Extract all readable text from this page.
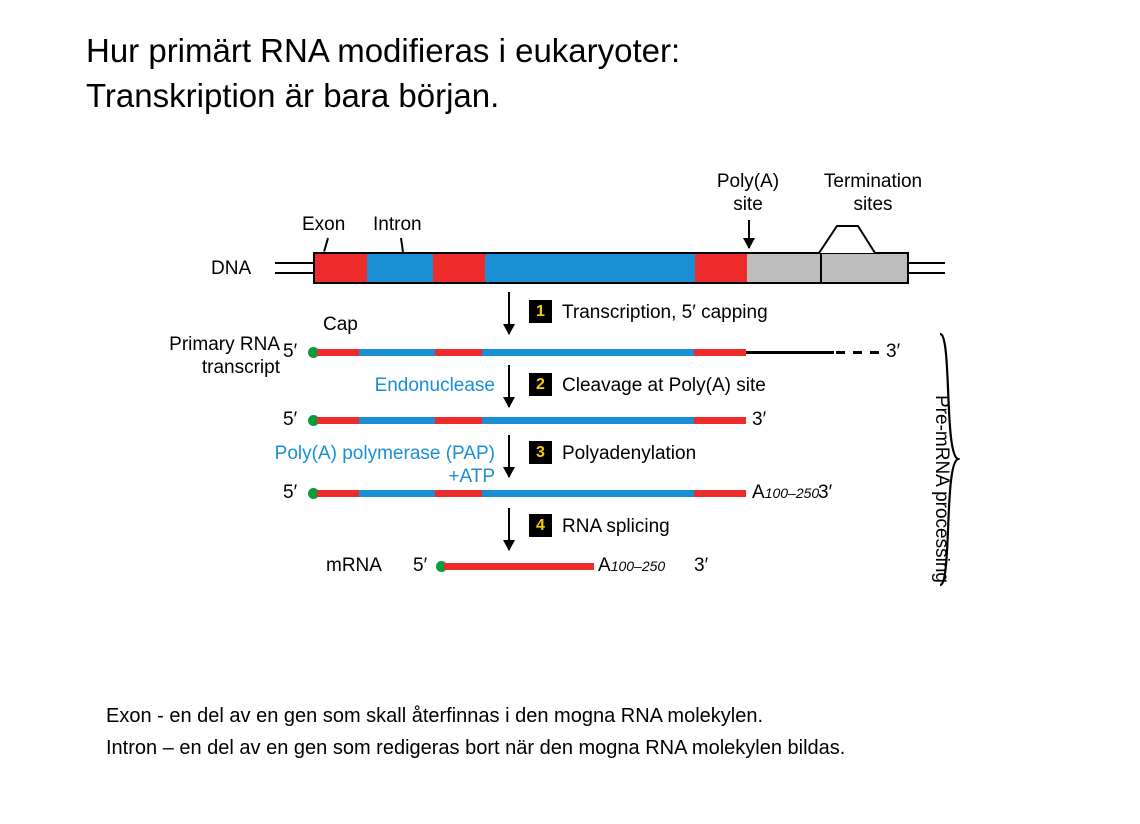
Hur primärt RNA modifieras i eukaryoter:
Transkription är bara början.
Poly(A)
site
Termination
sites
Exon Intron
DNA
1 Transcription, 5′ capping
Primary RNA
transcript
5′
Cap
3′
Endonuclease	2 Cleavage at Poly(A) site
5′	3′
Poly(A) polymerase (PAP)
+ATP
3 Polyadenylation
5′	A100–250
3′
4 RNA splicing
mRNA 5′	A100–250 3′	Pre-mRNA processing
Exon - en del av en gen som skall återfinnas i den mogna RNA molekylen.
Intron – en del av en gen som redigeras bort när den mogna RNA molekylen bildas.
